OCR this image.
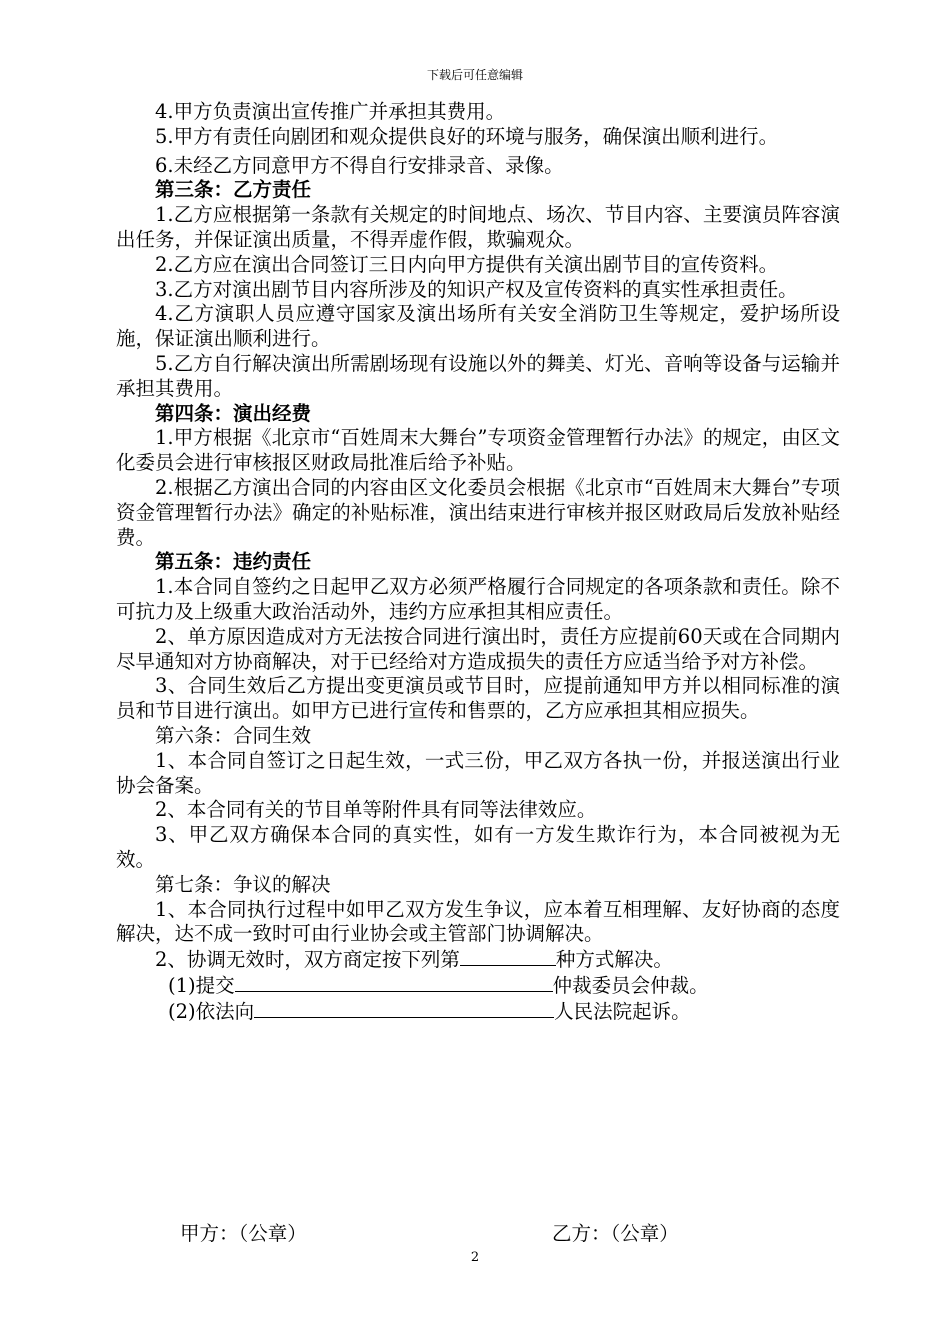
下载后可任意编辑

4.甲方负责演出宣传推广并承担其费用。

5.甲方有责任向剧团和观众提供良好的环境与服务，确保演出顺利进行。

6.未经乙方同意甲方不得自行安排录音、录像。

第三条：乙方责任

1.乙方应根据第一条款有关规定的时间地点、场次、节目内容、主要演员阵容演出任务，并保证演出质量，不得弄虚作假，欺骗观众。

2.乙方应在演出合同签订三日内向甲方提供有关演出剧节目的宣传资料。

3.乙方对演出剧节目内容所涉及的知识产权及宣传资料的真实性承担责任。

4.乙方演职人员应遵守国家及演出场所有关安全消防卫生等规定，爱护场所设施，保证演出顺利进行。

5.乙方自行解决演出所需剧场现有设施以外的舞美、灯光、音响等设备与运输并承担其费用。

第四条：演出经费

1.甲方根据《北京市“百姓周末大舞台”专项资金管理暂行办法》的规定，由区文化委员会进行审核报区财政局批准后给予补贴。

2.根据乙方演出合同的内容由区文化委员会根据《北京市“百姓周末大舞台”专项资金管理暂行办法》确定的补贴标准，演出结束进行审核并报区财政局后发放补贴经费。

第五条：违约责任

1.本合同自签约之日起甲乙双方必须严格履行合同规定的各项条款和责任。除不可抗力及上级重大政治活动外，违约方应承担其相应责任。

2、单方原因造成对方无法按合同进行演出时，责任方应提前60天或在合同期内尽早通知对方协商解决，对于已经给对方造成损失的责任方应适当给予对方补偿。

3、合同生效后乙方提出变更演员或节目时，应提前通知甲方并以相同标准的演员和节目进行演出。如甲方已进行宣传和售票的，乙方应承担其相应损失。

第六条：合同生效

1、本合同自签订之日起生效，一式三份，甲乙双方各执一份，并报送演出行业协会备案。

2、本合同有关的节目单等附件具有同等法律效应。

3、甲乙双方确保本合同的真实性，如有一方发生欺诈行为，本合同被视为无效。

第七条：争议的解决

1、本合同执行过程中如甲乙双方发生争议，应本着互相理解、友好协商的态度解决，达不成一致时可由行业协会或主管部门协调解决。

2、协调无效时，双方商定按下列第	种方式解决。

(1)提交	仲裁委员会仲裁。

(2)依法向	人民法院起诉。

甲方：（公章）	乙方：（公章）
2
